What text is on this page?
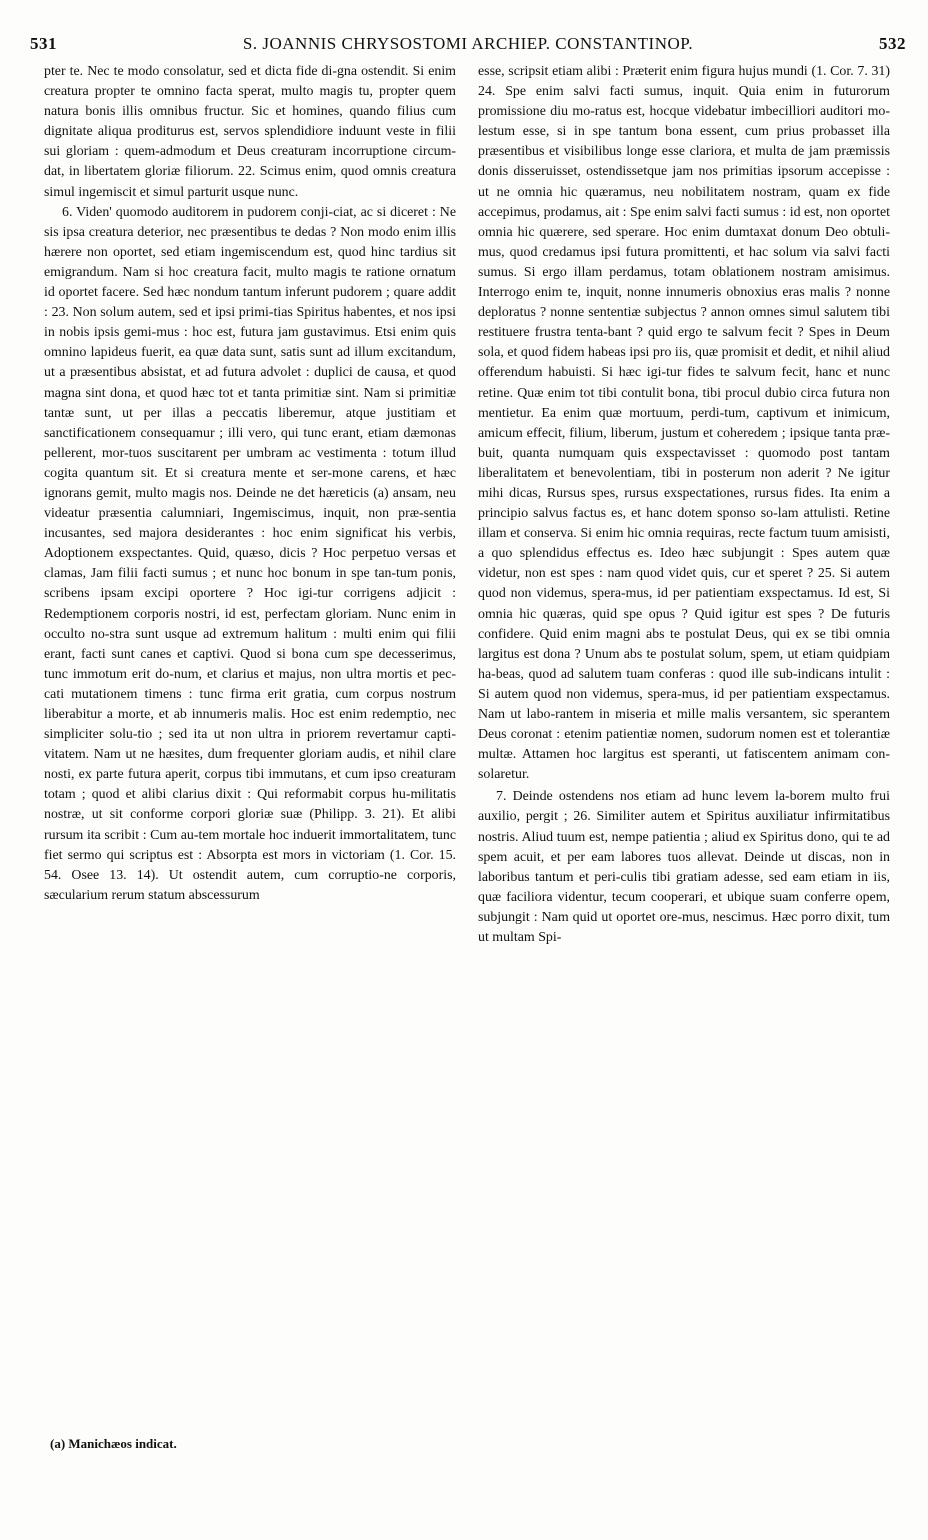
S. JOANNIS CHRYSOSTOMI ARCHIEP. CONSTANTINOP.
531	532

pter te. Nec te modo consolatur, sed et dicta fide di-gna ostendit. Si enim creatura propter te omnino facta sperat, multo magis tu, propter quem natura bonis illis omnibus fructur. Sic et homines, quando filius cum dignitate aliqua proditurus est, servos splendidiore induunt veste in filii sui gloriam : quem-admodum et Deus creaturam incorruptione circum-dat, in libertatem gloriæ filiorum. 22. Scimus enim, quod omnis creatura simul ingemiscit et simul parturit usque nunc.

6. Viden' quomodo auditorem in pudorem conji-ciat, ac si diceret : Ne sis ipsa creatura deterior, nec præsentibus te dedas ? Non modo enim illis hærere non oportet, sed etiam ingemiscendum est, quod hinc tardius sit emigrandum. Nam si hoc creatura facit, multo magis te ratione ornatum id oportet facere. Sed hæc nondum tantum inferunt pudorem ; quare addit : 23. Non solum autem, sed et ipsi primi-tias Spiritus habentes, et nos ipsi in nobis ipsis gemi-mus : hoc est, futura jam gustavimus. Etsi enim quis omnino lapideus fuerit, ea quæ data sunt, satis sunt ad illum excitandum, ut a præsentibus absistat, et ad futura advolet : duplici de causa, et quod magna sint dona, et quod hæc tot et tanta primitiæ sint. Nam si primitiæ tantæ sunt, ut per illas a peccatis liberemur, atque justitiam et sanctificationem consequamur ; illi vero, qui tunc erant, etiam dæmonas pellerent, mor-tuos suscitarent per umbram ac vestimenta : totum illud cogita quantum sit. Et si creatura mente et ser-mone carens, et hæc ignorans gemit, multo magis nos. Deinde ne det hæreticis (a) ansam, neu videatur præsentia calumniari, Ingemiscimus, inquit, non præ-sentia incusantes, sed majora desiderantes : hoc enim significat his verbis, Adoptionem exspectantes. Quid, quæso, dicis ? Hoc perpetuo versas et clamas, Jam filii facti sumus ; et nunc hoc bonum in spe tan-tum ponis, scribens ipsam excipi oportere ? Hoc igi-tur corrigens adjicit : Redemptionem corporis nostri, id est, perfectam gloriam. Nunc enim in occulto no-stra sunt usque ad extremum halitum : multi enim qui filii erant, facti sunt canes et captivi. Quod si bona cum spe decesserimus, tunc immotum erit do-num, et clarius et majus, non ultra mortis et pec-cati mutationem timens : tunc firma erit gratia, cum corpus nostrum liberabitur a morte, et ab innumeris malis. Hoc est enim redemptio, nec simpliciter solu-tio ; sed ita ut non ultra in priorem revertamur capti-vitatem. Nam ut ne hæsites, dum frequenter gloriam audis, et nihil clare nosti, ex parte futura aperit, corpus tibi immutans, et cum ipso creaturam totam ; quod et alibi clarius dixit : Qui reformabit corpus hu-militatis nostræ, ut sit conforme corpori gloriæ suæ (Philipp. 3. 21). Et alibi rursum ita scribit : Cum au-tem mortale hoc induerit immortalitatem, tunc fiet sermo qui scriptus est : Absorpta est mors in victoriam (1. Cor. 15. 54. Osee 13. 14). Ut ostendit autem, cum corruptio-ne corporis, sæcularium rerum statum abscessurum

esse, scripsit etiam alibi : Præterit enim figura hujus mundi (1. Cor. 7. 31) 24. Spe enim salvi facti sumus, inquit. Quia enim in futurorum promissione diu mo-ratus est, hocque videbatur imbecilliori auditori mo-lestum esse, si in spe tantum bona essent, cum prius probasset illa præsentibus et visibilibus longe esse clariora, et multa de jam præmissis donis disseruisset, ostendissetque jam nos primitias ipsorum accepisse : ut ne omnia hic quæramus, neu nobilitatem nostram, quam ex fide accepimus, prodamus, ait : Spe enim salvi facti sumus : id est, non oportet omnia hic quærere, sed sperare. Hoc enim dumtaxat donum Deo obtuli-mus, quod credamus ipsi futura promittenti, et hac solum via salvi facti sumus. Si ergo illam perdamus, totam oblationem nostram amisimus. Interrogo enim te, inquit, nonne innumeris obnoxius eras malis ? nonne deploratus ? nonne sententiæ subjectus ? annon omnes simul salutem tibi restituere frustra tenta-bant ? quid ergo te salvum fecit ? Spes in Deum sola, et quod fidem habeas ipsi pro iis, quæ promisit et dedit, et nihil aliud offerendum habuisti. Si hæc igi-tur fides te salvum fecit, hanc et nunc retine. Quæ enim tot tibi contulit bona, tibi procul dubio circa futura non mentietur. Ea enim quæ mortuum, perdi-tum, captivum et inimicum, amicum effecit, filium, liberum, justum et coheredem ; ipsique tanta præ-buit, quanta numquam quis exspectavisset : quomodo post tantam liberalitatem et benevolentiam, tibi in posterum non aderit ? Ne igitur mihi dicas, Rursus spes, rursus exspectationes, rursus fides. Ita enim a principio salvus factus es, et hanc dotem sponso so-lam attulisti. Retine illam et conserva. Si enim hic omnia requiras, recte factum tuum amisisti, a quo splendidus effectus es. Ideo hæc subjungit : Spes autem quæ videtur, non est spes : nam quod videt quis, cur et speret ? 25. Si autem quod non videmus, spera-mus, id per patientiam exspectamus. Id est, Si omnia hic quæras, quid spe opus ? Quid igitur est spes ? De futuris confidere. Quid enim magni abs te postulat Deus, qui ex se tibi omnia largitus est dona ? Unum abs te postulat solum, spem, ut etiam quidpiam ha-beas, quod ad salutem tuam conferas : quod ille sub-indicans intulit : Si autem quod non videmus, spera-mus, id per patientiam exspectamus. Nam ut labo-rantem in miseria et mille malis versantem, sic sperantem Deus coronat : etenim patientiæ nomen, sudorum nomen est et tolerantiæ multæ. Attamen hoc largitus est speranti, ut fatiscentem animam con-solaretur.

7. Deinde ostendens nos etiam ad hunc levem la-borem multo frui auxilio, pergit ; 26. Similiter autem et Spiritus auxiliatur infirmitatibus nostris. Aliud tuum est, nempe patientia ; aliud ex Spiritus dono, qui te ad spem acuit, et per eam labores tuos allevat. Deinde ut discas, non in laboribus tantum et peri-culis tibi gratiam adesse, sed eam etiam in iis, quæ faciliora videntur, tecum cooperari, et ubique suam conferre opem, subjungit : Nam quid ut oportet ore-mus, nescimus. Hæc porro dixit, tum ut multam Spi-

(a) Manichæos indicat.
